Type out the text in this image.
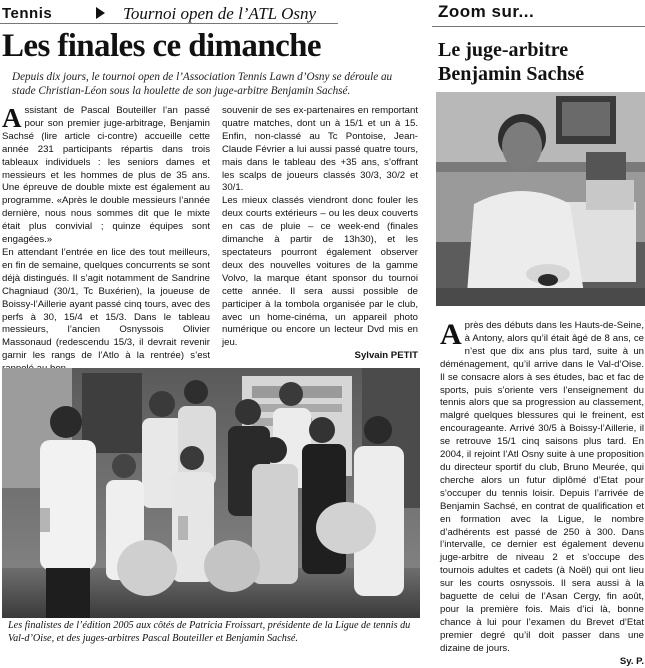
Tennis	Tournoi open de l’ATL Osny
Les finales ce dimanche

Depuis dix jours, le tournoi open de l’Association Tennis Lawn d’Osny se déroule au stade Christian-Léon sous la houlette de son juge-arbitre Benjamin Sachsé.

Assistant de Pascal Bouteiller l’an passé pour son premier juge-arbitrage, Benjamin Sachsé (lire article ci-contre) accueille cette année 231 participants répartis dans trois tableaux individuels : les seniors dames et messieurs et les hommes de plus de 35 ans. Une épreuve de double mixte est également au programme. «Après le double messieurs l’année dernière, nous nous sommes dit que le mixte était plus convivial ; quinze équipes sont engagées.»

En attendant l’entrée en lice des tout meilleurs, en fin de semaine, quelques concurrents se sont déjà distingués. Il s’agit notamment de Sandrine Chagniaud (30/1, Tc Buxérien), la joueuse de Boissy-l’Aillerie ayant passé cinq tours, avec des perfs à 30, 15/4 et 15/3. Dans le tableau messieurs, l’ancien Osnyssois Olivier Massonaud (redescendu 15/3, il devrait revenir garnir les rangs de l’Atlo à la rentrée) s’est

souvenir de ses ex-partenaires en remportant quatre matches, dont un à 15/1 et un à 15. Enfin, non-classé au Tc Pontoise, Jean-Claude Février a lui aussi passé quatre tours, mais dans le tableau des +35 ans, s’offrant les scalps de joueurs classés 30/3, 30/2 et 30/1.

Les mieux classés viendront donc fouler les deux courts extérieurs – ou les deux couverts en cas de pluie – ce week-end (finales dimanche à partir de 13h30), et les spectateurs pourront également observer deux des nouvelles voitures de la gamme Volvo, la marque étant sponsor du tournoi cette année. Il sera aussi possible de participer à la tombola organisée par le club, avec un home-cinéma, un appareil photo numérique ou encore un lecteur Dvd mis en jeu.

Sylvain PETIT

Les finalistes de l’édition 2005 aux côtés de Patricia Froissart, présidente de la Ligue de tennis du Val-d’Oise, et des juges-arbitres Pascal Bouteiller et Benjamin Sachsé.

Zoom sur...
Le juge-arbitre
Benjamin Sachsé

Après des débuts dans les Hauts-de-Seine, à Antony, alors qu’il était âgé de 8 ans, ce n’est que dix ans plus tard, suite à un déménagement, qu’il arrive dans le Val-d’Oise. Il se consacre alors à ses études, bac et fac de sports, puis s’oriente vers l’enseignement du tennis alors que sa progression au classement, malgré quelques blessures qui le freinent, est encourageante. Arrivé 30/5 à Boissy-l’Aillerie, il se retrouve 15/1 cinq saisons plus tard. En 2004, il rejoint l’Atl Osny suite à une proposition du directeur sportif du club, Bruno Meurée, qui cherche alors un futur diplômé d’Etat pour s’occuper du tennis loisir. Depuis l’arrivée de Benjamin Sachsé, en contrat de qualification et en formation avec la Ligue, le nombre d’adhérents est passé de 250 à 300. Dans l’intervalle, ce dernier est également devenu juge-arbitre de niveau 2 et s’occupe des tournois adultes et cadets (à Noël) qui ont lieu sur les courts osnyssois. Il sera aussi à la baguette de celui de l’Asan Cergy, fin août, pour la première fois. Mais d’ici là, bonne chance à lui pour l’examen du Brevet d’Etat premier degré qu’il doit passer dans une dizaine de jours.

Sy. P.
